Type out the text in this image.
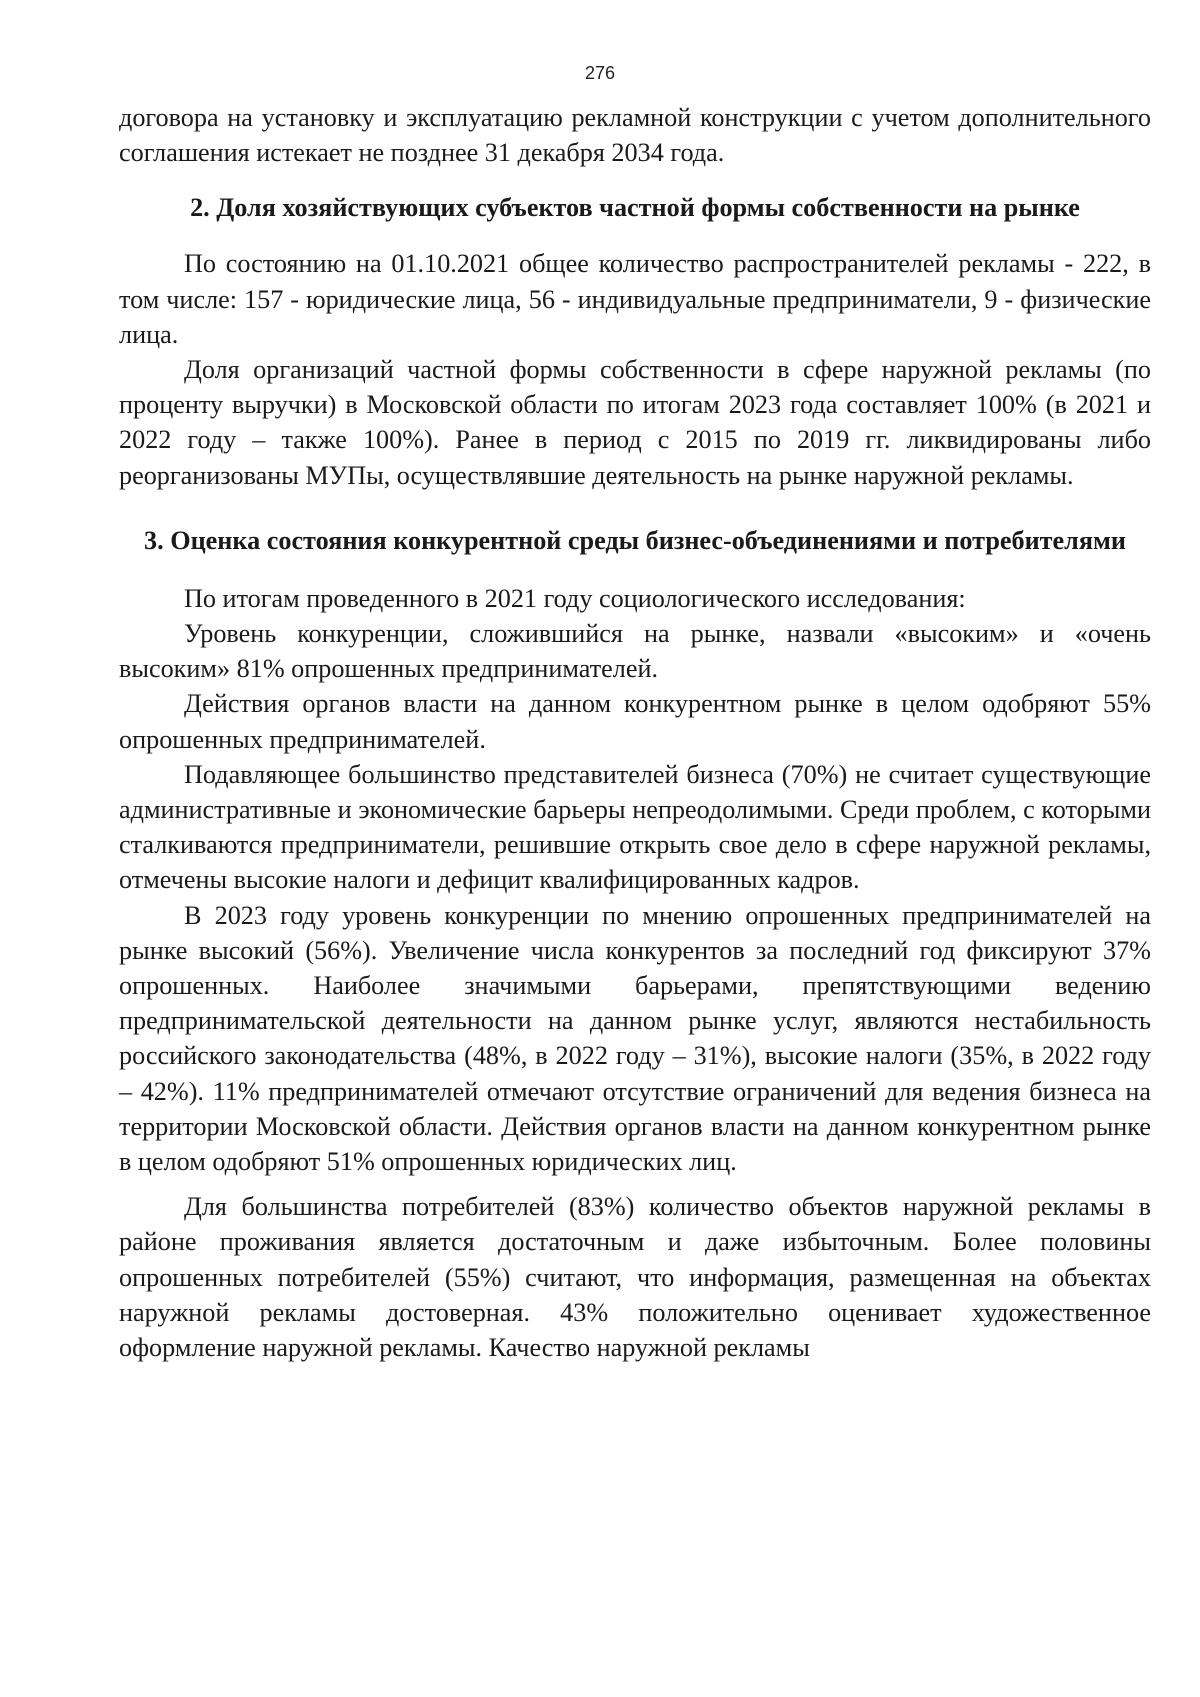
276

договора на установку и эксплуатацию рекламной конструкции с учетом дополнительного соглашения истекает не позднее 31 декабря 2034 года.

2. Доля хозяйствующих субъектов частной формы собственности на рынке

По состоянию на 01.10.2021 общее количество распространителей рекламы - 222, в том числе: 157 - юридические лица, 56 - индивидуальные предприниматели, 9 - физические лица.

Доля организаций частной формы собственности в сфере наружной рекламы (по проценту выручки) в Московской области по итогам 2023 года составляет 100% (в 2021 и 2022 году – также 100%). Ранее в период с 2015 по 2019 гг. ликвидированы либо реорганизованы МУПы, осуществлявшие деятельность на рынке наружной рекламы.

3. Оценка состояния конкурентной среды бизнес-объединениями и потребителями

По итогам проведенного в 2021 году социологического исследования:

Уровень конкуренции, сложившийся на рынке, назвали «высоким» и «очень высоким» 81% опрошенных предпринимателей.

Действия органов власти на данном конкурентном рынке в целом одобряют 55% опрошенных предпринимателей.

Подавляющее большинство представителей бизнеса (70%) не считает существующие административные и экономические барьеры непреодолимыми. Среди проблем, с которыми сталкиваются предприниматели, решившие открыть свое дело в сфере наружной рекламы, отмечены высокие налоги и дефицит квалифицированных кадров.

В 2023 году уровень конкуренции по мнению опрошенных предпринимателей на рынке высокий (56%). Увеличение числа конкурентов за последний год фиксируют 37% опрошенных. Наиболее значимыми барьерами, препятствующими ведению предпринимательской деятельности на данном рынке услуг, являются нестабильность российского законодательства (48%, в 2022 году – 31%), высокие налоги (35%, в 2022 году – 42%). 11% предпринимателей отмечают отсутствие ограничений для ведения бизнеса на территории Московской области. Действия органов власти на данном конкурентном рынке в целом одобряют 51% опрошенных юридических лиц.

Для большинства потребителей (83%) количество объектов наружной рекламы в районе проживания является достаточным и даже избыточным. Более половины опрошенных потребителей (55%) считают, что информация, размещенная на объектах наружной рекламы достоверная. 43% положительно оценивает художественное оформление наружной рекламы. Качество наружной рекламы
